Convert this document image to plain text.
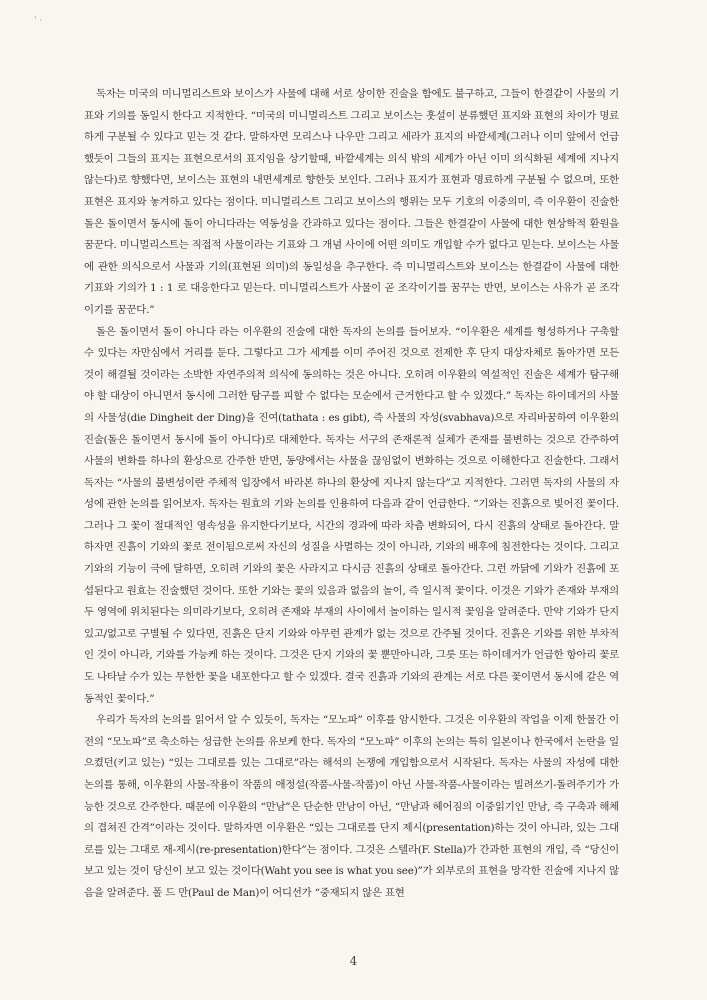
' ·

독자는 미국의 미니멀리스트와 보이스가 사물에 대해 서로 상이한 진술을 함에도 불구하고, 그들이 한결같이 사물의 기표와 기의를 동일시 한다고 지적한다. “미국의 미니멀리스트 그리고 보이스는 훗설이 분류했던 표지와 표현의 차이가 명료하게 구분될 수 있다고 믿는 것 같다. 말하자면 모리스나 나우만 그리고 세라가 표지의 바깥세계(그러나 이미 앞에서 언급했듯이 그들의 표지는 표현으로서의 표지임을 상기할때, 바깥세계는 의식 밖의 세계가 아닌 이미 의식화된 세계에 지나지 않는다)로 향했다면, 보이스는 표현의 내면세계로 향한듯 보인다. 그러나 표지가 표현과 명료하게 구분될 수 없으며, 또한 표현은 표지와 놓겨하고 있다는 점이다. 미니멀리스트 그리고 보이스의 행위는 모두 기호의 이중의미, 즉 이우환이 진술한 돌은 돌이면서 동시에 돌이 아니다라는 역동성을 간과하고 있다는 점이다. 그들은 한결같이 사물에 대한 현상학적 환원을 꿈꾼다. 미니멀리스트는 직접적 사물이라는 기표와 그 개념 사이에 어떤 의미도 개입할 수가 없다고 믿는다. 보이스는 사물에 관한 의식으로서 사물과 기의(표현된 의미)의 동일성을 추구한다. 즉 미니멀리스트와 보이스는 한결같이 사물에 대한 기표와 기의가 1 : 1 로 대응한다고 믿는다. 미니멀리스트가 사물이 곧 조각이기를 꿈꾸는 반면, 보이스는 사유가 곧 조각이기를 꿈꾼다.”

돌은 돌이면서 돌이 아니다 라는 이우환의 진술에 대한 독자의 논의를 들어보자. “이우환은 세계를 형성하거나 구축할 수 있다는 자만심에서 거리를 둔다. 그렇다고 그가 세계를 이미 주어진 것으로 전제한 후 단지 대상자체로 돌아가면 모든 것이 해결될 것이라는 소박한 자연주의적 의식에 동의하는 것은 아니다. 오히려 이우환의 역설적인 진술은 세계가 탐구해야 할 대상이 아니면서 동시에 그러한 탐구를 피할 수 없다는 모순에서 근거한다고 할 수 있겠다.” 독자는 하이데거의 사물의 사물성(die Dingheit der Ding)을 진여(tathata : es gibt), 즉 사물의 자성(svabhava)으로 자리바꿈하여 이우환의 진술(돌은 돌이면서 동시에 돌이 아니다)로 대체한다. 독자는 서구의 존재론적 실체가 존재를 불변하는 것으로 간주하여 사물의 변화를 하나의 환상으로 간주한 반면, 동양에서는 사물을 끊임없이 변화하는 것으로 이해한다고 진술한다. 그래서 독자는 “사물의 불변성이란 주체적 입장에서 바라본 하나의 환상에 지나지 않는다”고 지적한다. 그러면 독자의 사물의 자성에 관한 논의를 읽어보자. 독자는 원효의 기와 논의를 인용하여 다음과 같이 언급한다. “기와는 진흙으로 빚어진 꽃이다. 그러나 그 꽃이 절대적인 영속성을 유지한다기보다, 시간의 경과에 따라 차츰 변화되어, 다시 진흙의 상태로 돌아간다. 말하자면 진흙이 기와의 꽃로 전이됨으로써 자신의 성질을 사멸하는 것이 아니라, 기와의 배후에 침전한다는 것이다. 그리고 기와의 기능이 극에 달하면, 오히려 기와의 꽃은 사라지고 다시금 진흙의 상태로 돌아간다. 그런 까닭에 기와가 진흙에 포섭된다고 원효는 진술했던 것이다. 또한 기와는 꽃의 있음과 없음의 놀이, 즉 일시적 꽃이다. 이것은 기와가 존재와 부재의 두 영역에 위치된다는 의미라기보다, 오히려 존재와 부재의 사이에서 놀이하는 일시적 꽃임을 알려준다. 만약 기와가 단지 있고/없고로 구별될 수 있다면, 진흙은 단지 기와와 아무런 관계가 없는 것으로 간주될 것이다. 진흙은 기와를 위한 부차적인 것이 아니라, 기와를 가능케 하는 것이다. 그것은 단지 기와의 꽃 뿐만아니라, 그릇 또는 하이데거가 언급한 항아리 꽃로도 나타날 수가 있는 무한한 꽃을 내포한다고 할 수 있겠다. 결국 진흙과 기와의 관계는 서로 다른 꽃이면서 동시에 같은 역동적인 꽃이다.”

우리가 독자의 논의를 읽어서 알 수 있듯이, 독자는 “모노파” 이후를 암시한다. 그것은 이우환의 작업을 이제 한물간 이전의 “모노파”로 축소하는 성급한 논의를 유보케 한다. 독자의 “모노파” 이후의 논의는 특히 일본이나 한국에서 논란을 일으켰던(키고 있는) “있는 그대로를 있는 그대로”라는 해석의 논쟁에 개입함으로서 시작된다. 독자는 사물의 자성에 대한 논의를 통해, 이우환의 사물-작용이 작품의 애정설(작품-사물-작품)이 아닌 사물-작품-사물이라는 빌려쓰기-돌려주기가 가능한 것으로 간주한다. 때문에 이우환의 “만남”은 단순한 만남이 아닌, “만남과 헤어짐의 이중읽기인 만남, 즉 구축과 해체의 겹쳐진 간격”이라는 것이다. 말하자면 이우환은 “있는 그대로를 단지 제시(presentation)하는 것이 아니라, 있는 그대로를 있는 그대로 재-제시(re-presentation)한다”는 점이다. 그것은 스텔라(F. Stella)가 간과한 표현의 개입, 즉 “당신이 보고 있는 것이 당신이 보고 있는 것이다(Waht you see is what you see)”가 외부로의 표현을 망각한 진술에 지나지 않음을 알려준다. 폴 드 만(Paul de Man)이 어디선가 “중재되지 않은 표현

4
